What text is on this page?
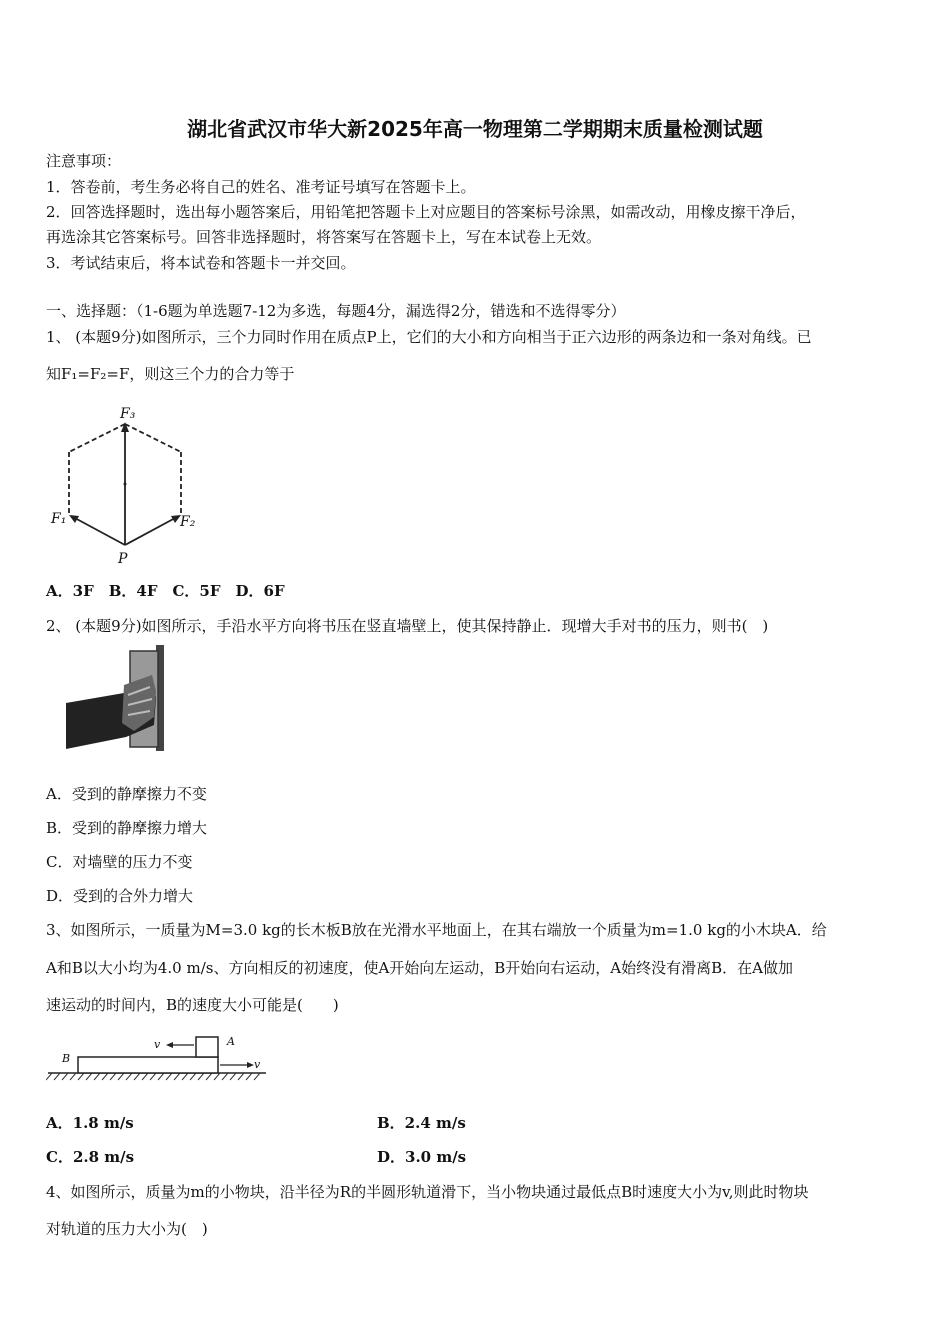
湖北省武汉市华大新2025年高一物理第二学期期末质量检测试题
注意事项：
1．答卷前，考生务必将自己的姓名、准考证号填写在答题卡上。
2．回答选择题时，选出每小题答案后，用铅笔把答题卡上对应题目的答案标号涂黑，如需改动，用橡皮擦干净后，
再选涂其它答案标号。回答非选择题时，将答案写在答题卡上，写在本试卷上无效。
3．考试结束后，将本试卷和答题卡一并交回。
一、选择题：（1-6题为单选题7-12为多选，每题4分，漏选得2分，错选和不选得零分）
1、 (本题9分)如图所示，三个力同时作用在质点P上，它们的大小和方向相当于正六边形的两条边和一条对角线。已
知F₁=F₂=F，则这三个力的合力等于
F₃
F₁	F₂
P
A．3F　B．4F　C．5F　D．6F
2、 (本题9分)如图所示，手沿水平方向将书压在竖直墙壁上，使其保持静止．现增大手对书的压力，则书(　)
A．受到的静摩擦力不变
B．受到的静摩擦力增大
C．对墙壁的压力不变
D．受到的合外力增大
3、如图所示，一质量为M=3.0 kg的长木板B放在光滑水平地面上，在其右端放一个质量为m=1.0 kg的小木块A．给
A和B以大小均为4.0 m/s、方向相反的初速度，使A开始向左运动，B开始向右运动，A始终没有滑离B．在A做加
速运动的时间内，B的速度大小可能是(　　)
B
A
v
v
A．1.8 m/s	B．2.4 m/s
C．2.8 m/s	D．3.0 m/s
4、如图所示，质量为m的小物块，沿半径为R的半圆形轨道滑下，当小物块通过最低点B时速度大小为v,则此时物块
对轨道的压力大小为(　)
